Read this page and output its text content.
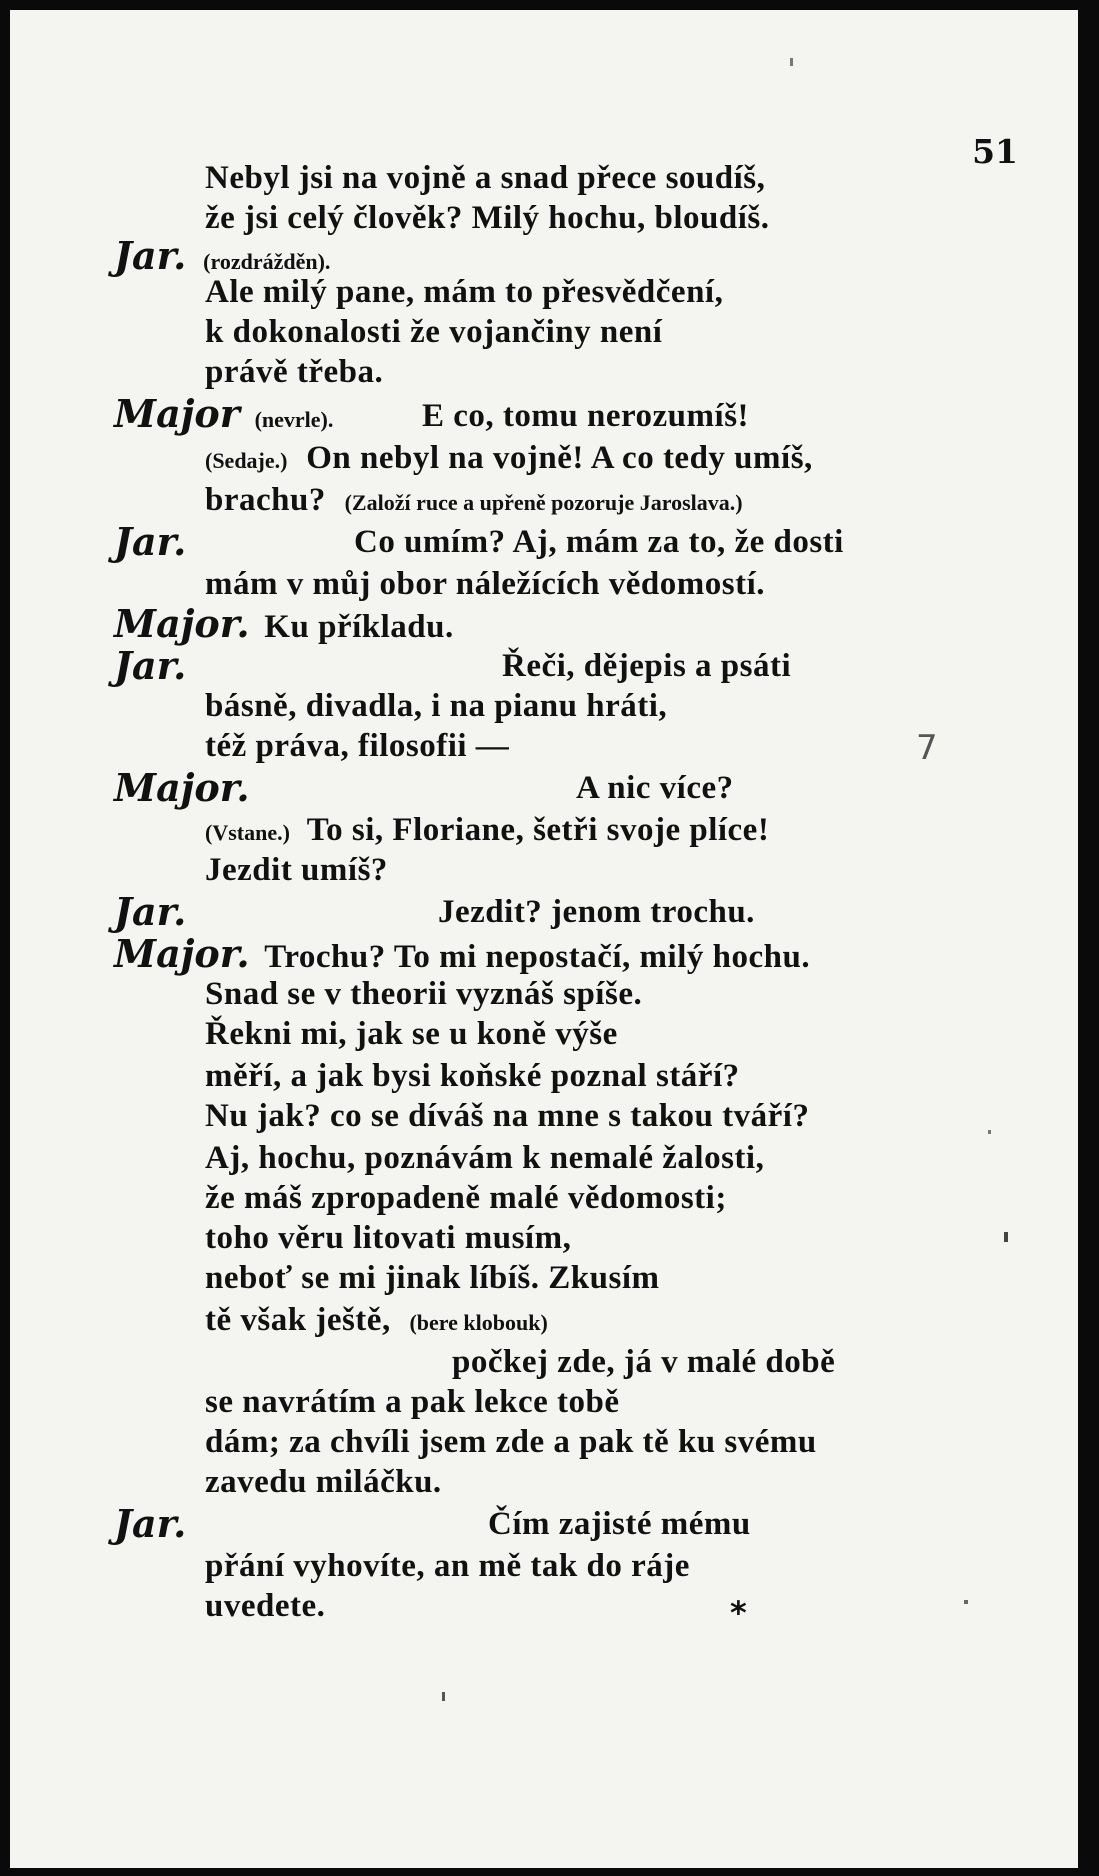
51
Nebyl jsi na vojně a snad přece soudíš,
že jsi celý člověk? Milý hochu, bloudíš.
Jar. (rozdrážděn).
Ale milý pane, mám to přesvědčení,
k dokonalosti že vojančiny není
právě třeba.
Major (nevrle).	E co, tomu nerozumíš!
(Sedaje.) On nebyl na vojně! A co tedy umíš,
brachu? (Založí ruce a upřeně pozoruje Jaroslava.)
Jar.	Co umím? Aj, mám za to, že dosti
mám v můj obor náležících vědomostí.
Major. Ku příkladu.
Jar.	Řeči, dějepis a psáti
básně, divadla, i na pianu hráti,
též práva, filosofii —
Major.	A nic více?
(Vstane.) To si, Floriane, šetři svoje plíce!
Jezdit umíš?
Jar.	Jezdit? jenom trochu.
Major. Trochu? To mi nepostačí, milý hochu.
Snad se v theorii vyznáš spíše.
Řekni mi, jak se u koně výše
měří, a jak bysi koňské poznal stáří?
Nu jak? co se díváš na mne s takou tváří?
Aj, hochu, poznávám k nemalé žalosti,
že máš zpropadeně malé vědomosti;
toho věru litovati musím,
neboť se mi jinak líbíš. Zkusím
tě však ještě, (bere klobouk)
počkej zde, já v malé době
se navrátím a pak lekce tobě
dám; za chvíli jsem zde a pak tě ku svému
zavedu miláčku.
Jar.	Čím zajisté mému
přání vyhovíte, an mě tak do ráje
uvedete.
7
*
